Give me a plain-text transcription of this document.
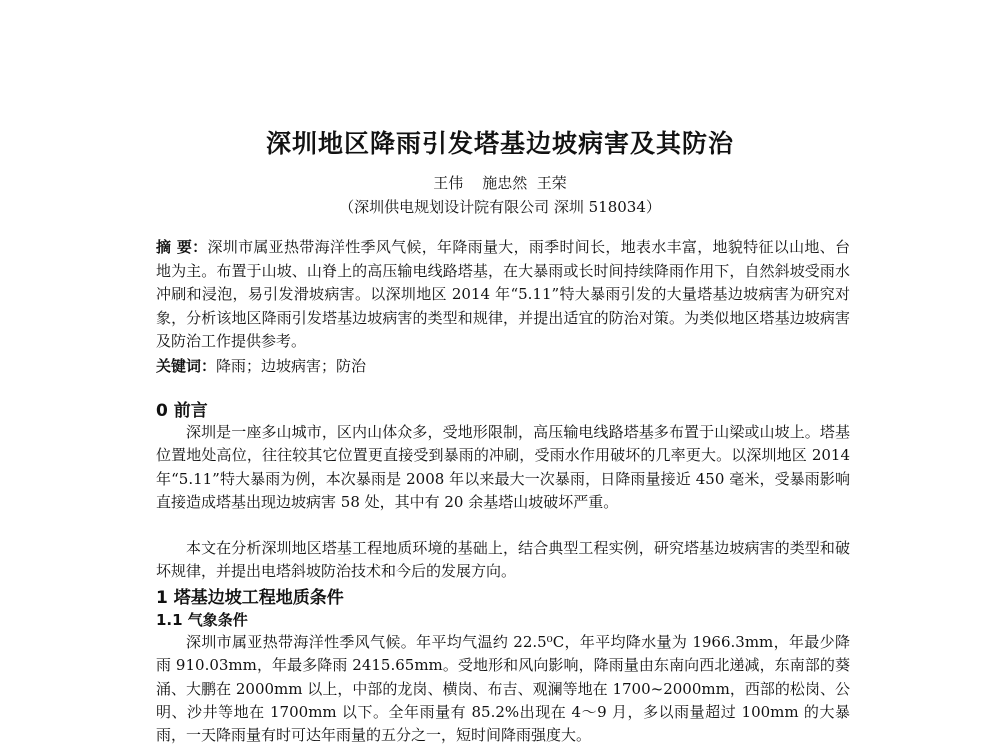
深圳地区降雨引发塔基边坡病害及其防治

王伟    施忠然  王荣

（深圳供电规划设计院有限公司 深圳 518034）

摘 要：深圳市属亚热带海洋性季风气候，年降雨量大，雨季时间长，地表水丰富，地貌特征以山地、台地为主。布置于山坡、山脊上的高压输电线路塔基，在大暴雨或长时间持续降雨作用下，自然斜坡受雨水冲刷和浸泡，易引发滑坡病害。以深圳地区 2014 年“5.11”特大暴雨引发的大量塔基边坡病害为研究对象，分析该地区降雨引发塔基边坡病害的类型和规律，并提出适宜的防治对策。为类似地区塔基边坡病害及防治工作提供参考。

关键词：降雨；边坡病害；防治

0 前言

深圳是一座多山城市，区内山体众多，受地形限制，高压输电线路塔基多布置于山梁或山坡上。塔基位置地处高位，往往较其它位置更直接受到暴雨的冲刷，受雨水作用破坏的几率更大。以深圳地区 2014 年“5.11”特大暴雨为例，本次暴雨是 2008 年以来最大一次暴雨，日降雨量接近 450 毫米，受暴雨影响直接造成塔基出现边坡病害 58 处，其中有 20 余基塔山坡破坏严重。

本文在分析深圳地区塔基工程地质环境的基础上，结合典型工程实例，研究塔基边坡病害的类型和破坏规律，并提出电塔斜坡防治技术和今后的发展方向。

1 塔基边坡工程地质条件
1.1 气象条件

深圳市属亚热带海洋性季风气候。年平均气温约 22.5⁰C，年平均降水量为 1966.3mm，年最少降雨 910.03mm，年最多降雨 2415.65mm。受地形和风向影响，降雨量由东南向西北递减，东南部的葵涌、大鹏在 2000mm 以上，中部的龙岗、横岗、布吉、观澜等地在 1700~2000mm，西部的松岗、公明、沙井等地在 1700mm 以下。全年雨量有 85.2%出现在 4～9 月，多以雨量超过 100mm 的大暴雨，一天降雨量有时可达年雨量的五分之一，短时间降雨强度大。
